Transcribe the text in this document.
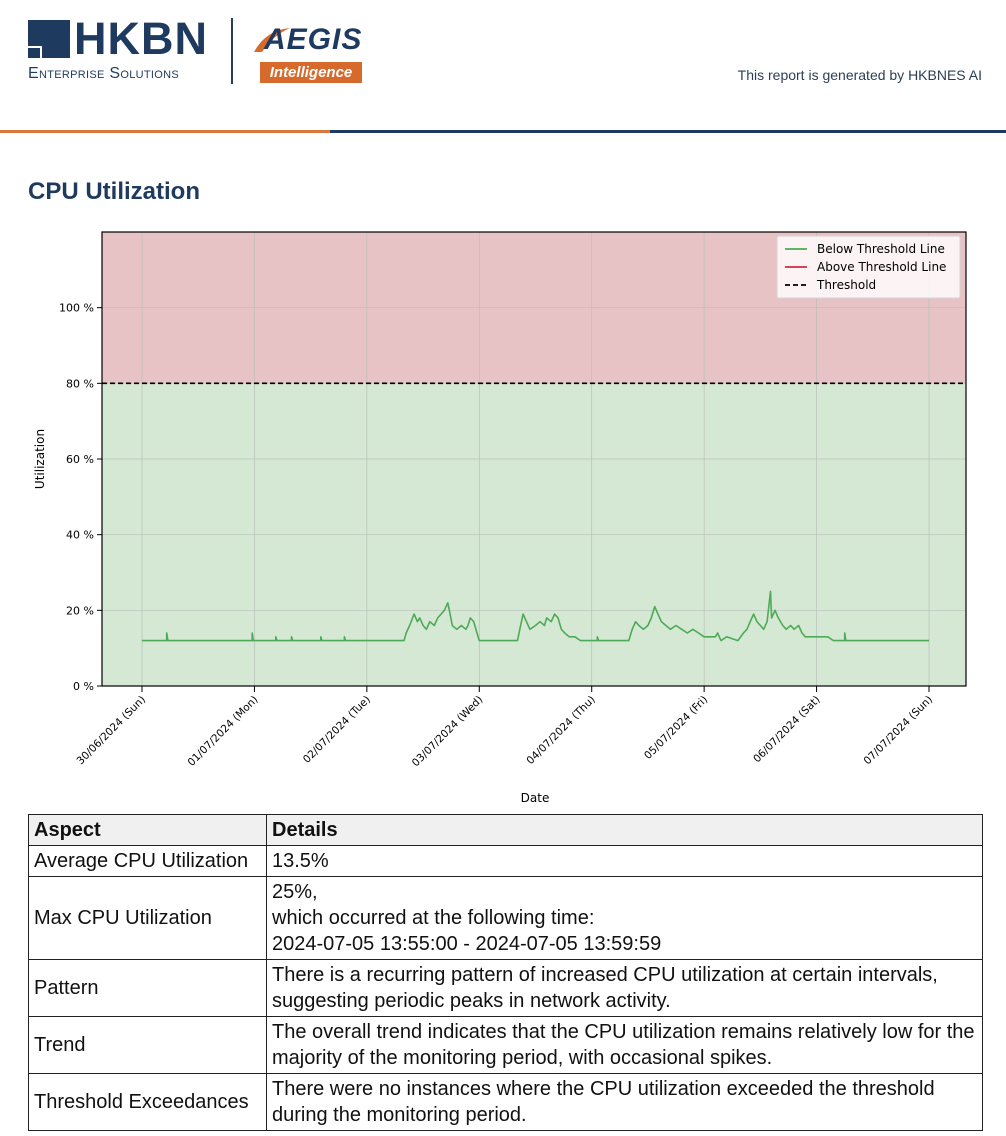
HKBN
Enterprise Solutions
AEGIS
Intelligence	This report is generated by HKBNES AI
CPU Utilization
0 %
20 %
40 %
60 %
80 %
100 %
30/06/2024 (Sun)	01/07/2024 (Mon)	02/07/2024 (Tue)	03/07/2024 (Wed)	04/07/2024 (Thu)	05/07/2024 (Fri)	06/07/2024 (Sat)	07/07/2024 (Sun)
Date
Utilization
Below Threshold Line
Above Threshold Line
Threshold
Aspect	Details
Average CPU Utilization	13.5%
Max CPU Utilization	25%,
which occurred at the following time:
2024-07-05 13:55:00 - 2024-07-05 13:59:59
Pattern	There is a recurring pattern of increased CPU utilization at certain intervals, suggesting periodic peaks in network activity.
Trend	The overall trend indicates that the CPU utilization remains relatively low for the majority of the monitoring period, with occasional spikes.
Threshold Exceedances	There were no instances where the CPU utilization exceeded the threshold during the monitoring period.
